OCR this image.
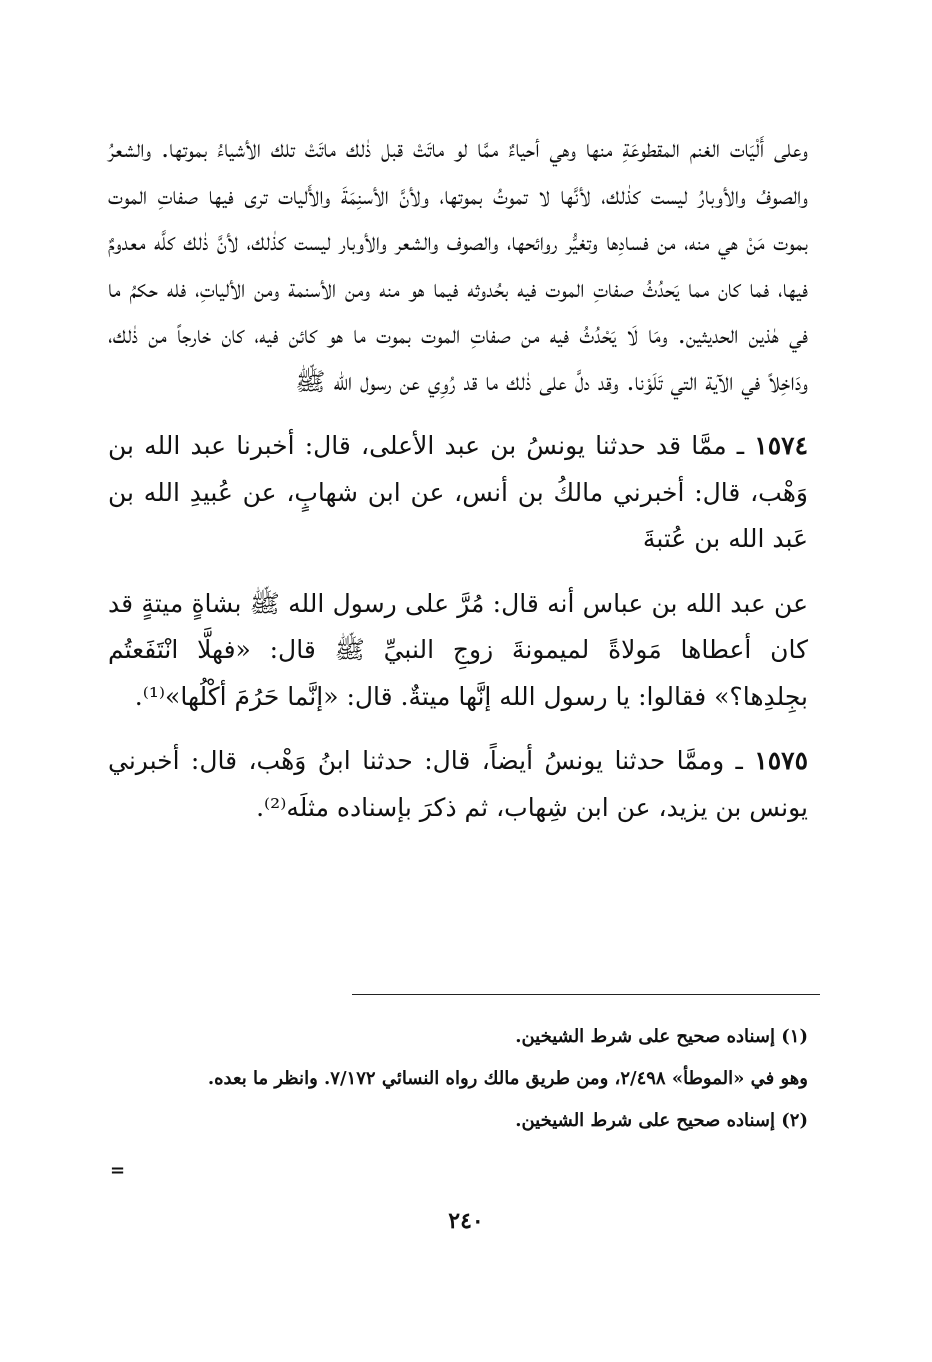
وعلى أَلْيَات الغنم المقطوعَةِ منها وهي أحياءٌ ممَّا لو ماتَتْ قبل ذٰلك ماتَتْ تلك الأشياءُ بموتها. والشعرُ والصوفُ والأوبارُ ليست كذٰلك، لأنَّها لا تموتُ بموتها، ولأنَّ الأسنِمَةَ والأَليات ترى فيها صفاتِ الموت بموت مَنْ هي منه، من فسادِها وتغيُّر روائحها، والصوف والشعر والأوبار ليست كذٰلك، لأنَّ ذٰلك كلَّه معدومٌ فيها، فما كان مما يَحدُثُ صفاتِ الموت فيه بحُدوثه فيما هو منه ومن الأسنمة ومن الألياتِ، فله حكمُ ما في هٰذين الحديثين. ومَا لَا يَحْدُثُ فيه من صفاتِ الموت بموت ما هو كائن فيه، كان خارجاً من ذٰلك، ودَاخِلاً في الآية التي تَلَوْنا. وقد دلَّ على ذٰلك ما قد رُوِي عن رسول الله ﷺ

١٥٧٤ ـ ممَّا قد حدثنا يونسُ بن عبد الأعلى، قال: أخبرنا عبد الله بن وَهْب، قال: أخبرني مالكُ بن أنس، عن ابن شهابٍ، عن عُبيدِ الله بن عَبد الله بن عُتبةَ

عن عبد الله بن عباس أنه قال: مُرَّ على رسول الله ﷺ بشاةٍ ميتةٍ قد كان أعطاها مَولاةً لميمونةَ زوجِ النبيِّ ﷺ قال: «فهلَّا انْتَفَعتُم بجِلدِها؟» فقالوا: يا رسول الله إنَّها ميتةٌ. قال: «إنَّما حَرُمَ أكْلُها»⁽¹⁾.

١٥٧٥ ـ وممَّا حدثنا يونسُ أيضاً، قال: حدثنا ابنُ وَهْب، قال: أخبرني يونس بن يزيد، عن ابن شِهاب، ثم ذكرَ بإسناده مثلَه⁽²⁾.

(١) إسناده صحيح على شرط الشيخين.

وهو في «الموطأ» ٢/٤٩٨، ومن طريق مالك رواه النسائي ٧/١٧٢. وانظر ما بعده.

(٢) إسناده صحيح على شرط الشيخين.

=
٢٤٠
